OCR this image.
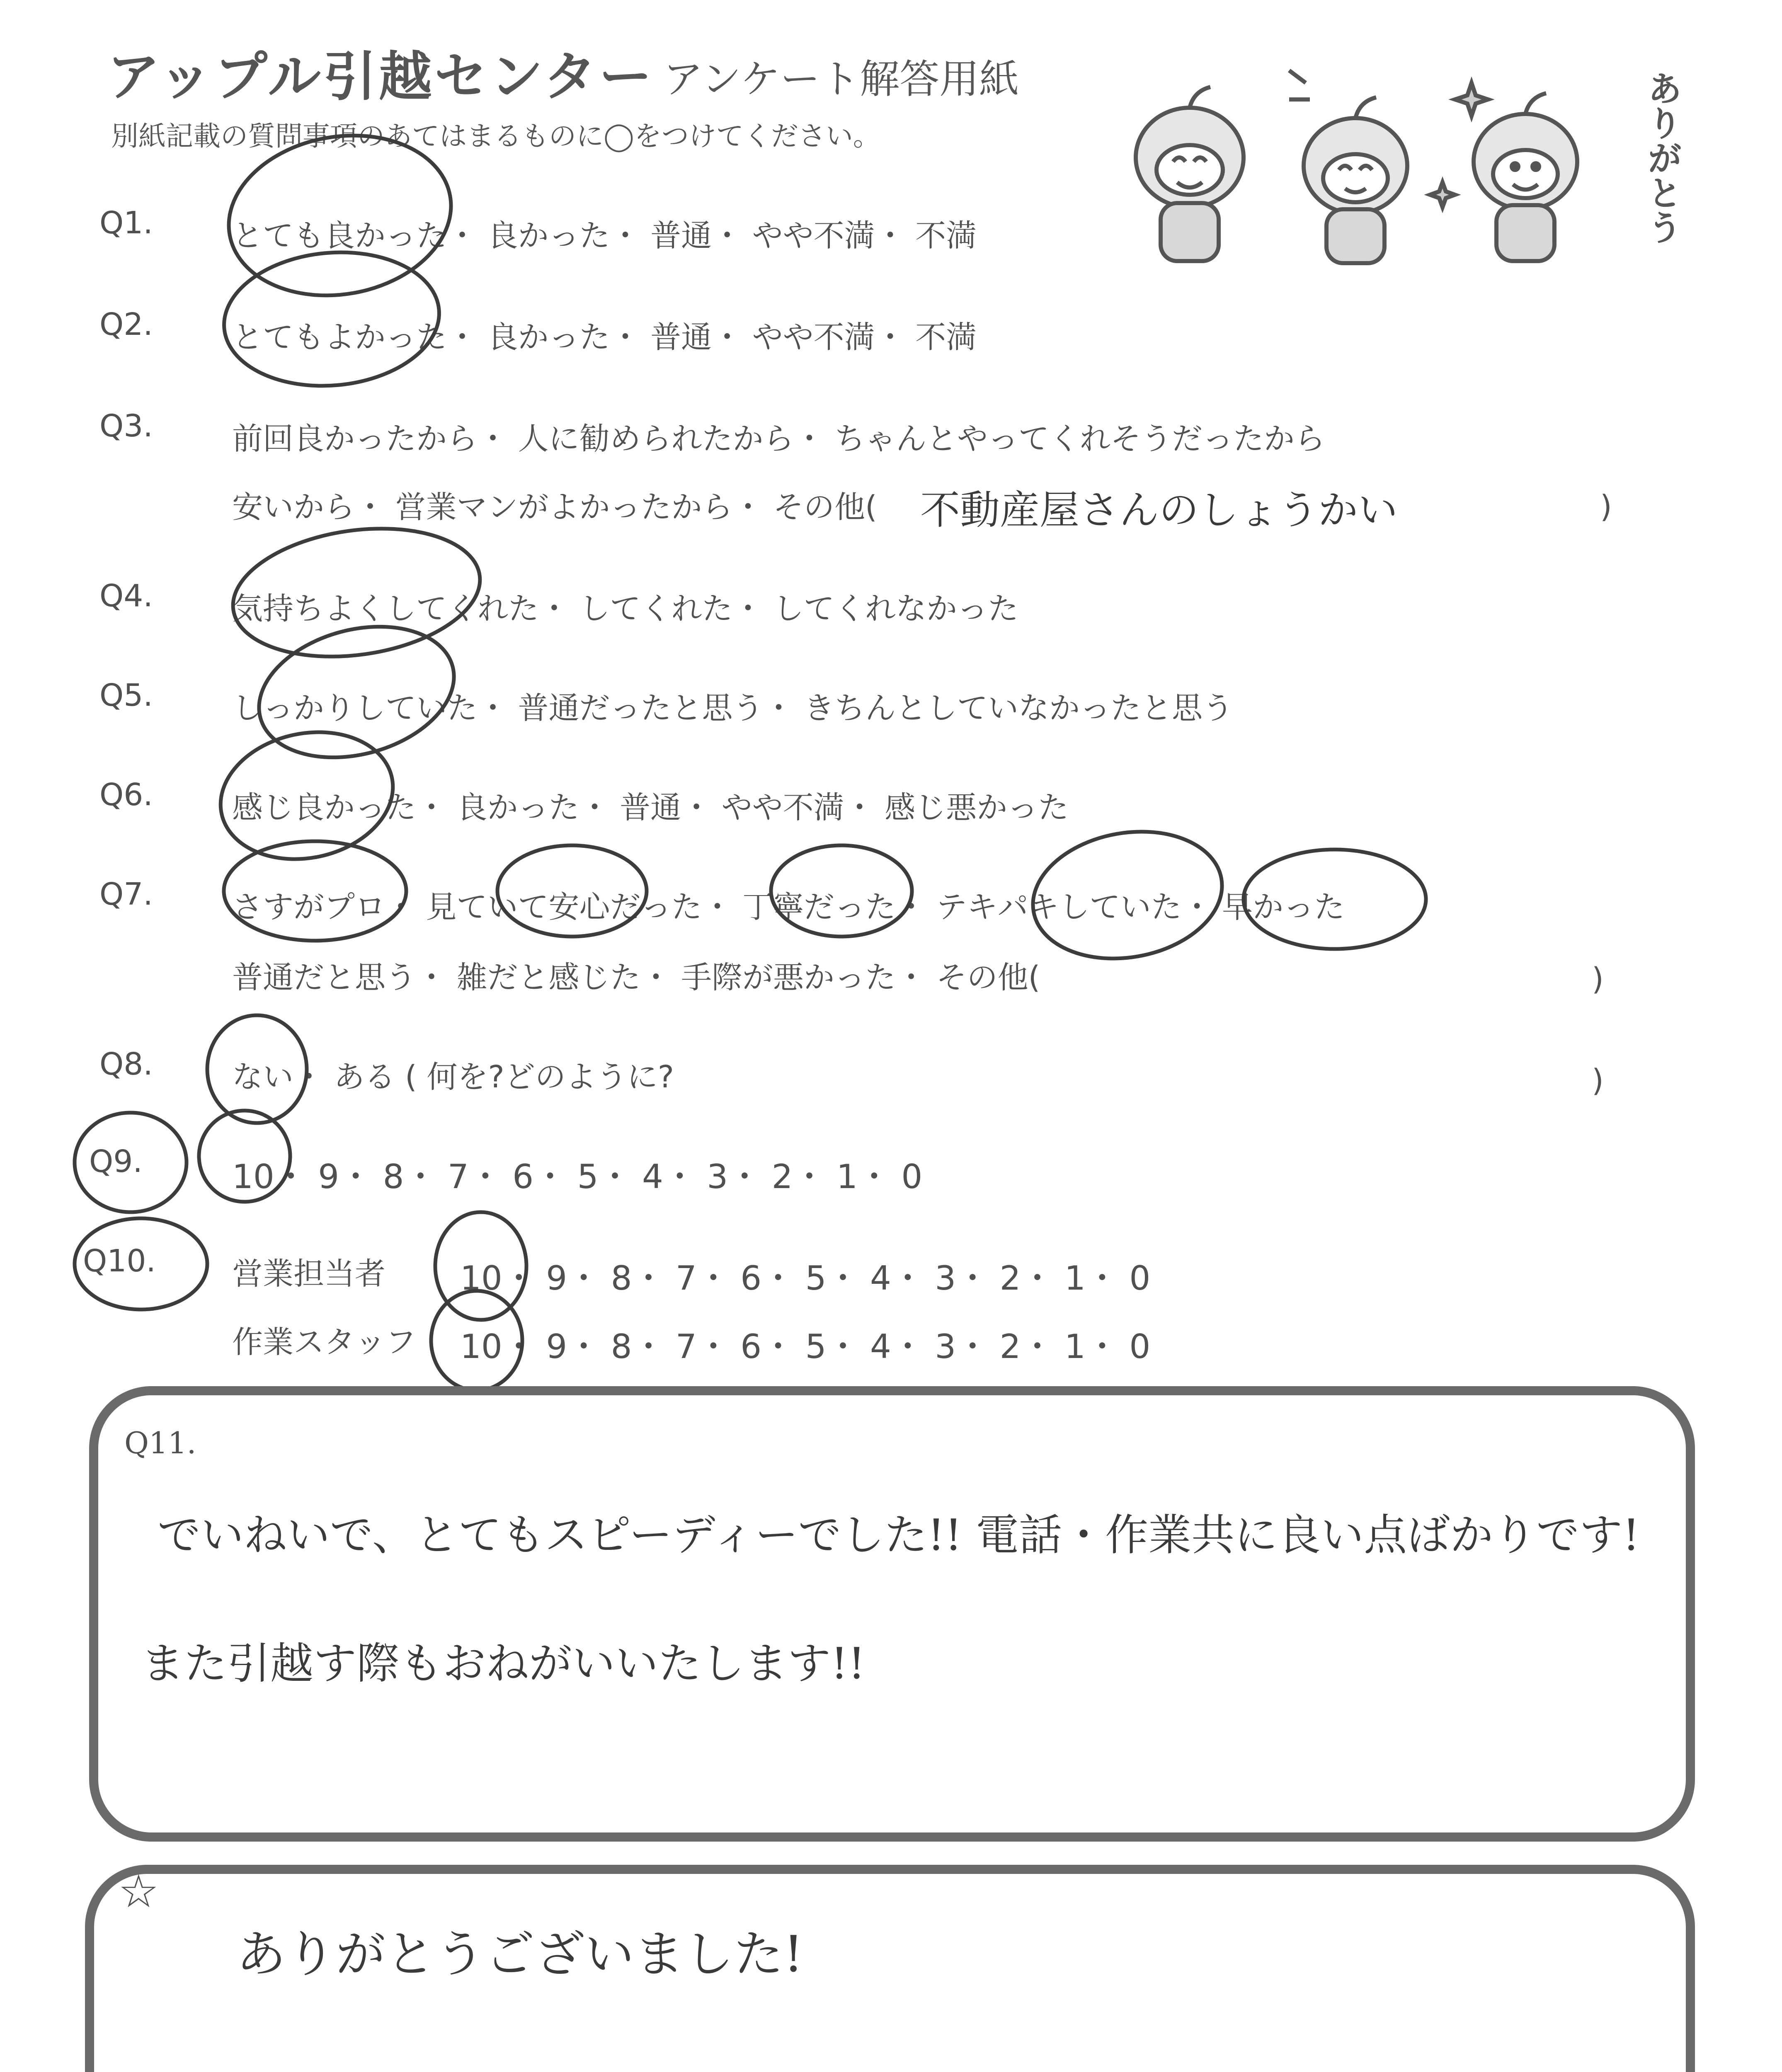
アップル引越センター アンケート解答用紙
別紙記載の質問事項のあてはまるものに◯をつけてください。	ありがとう
Q1.	とても良かった・ 良かった・ 普通・ やや不満・ 不満
Q2.	とてもよかった・ 良かった・ 普通・ やや不満・ 不満
Q3.	前回良かったから・ 人に勧められたから・ ちゃんとやってくれそうだったから
安いから・ 営業マンがよかったから・ その他( 不動産屋さんのしょうかい	)
Q4.	気持ちよくしてくれた・ してくれた・ してくれなかった
Q5.	しっかりしていた・ 普通だったと思う・ きちんとしていなかったと思う
Q6.	感じ良かった・ 良かった・ 普通・ やや不満・ 感じ悪かった
Q7.	さすがプロ・ 見ていて安心だった・ 丁寧だった・ テキパキしていた・ 早かった
普通だと思う・ 雑だと感じた・ 手際が悪かった・ その他(	)
Q8.	ない・ ある ( 何を?どのように?	)
Q9.	10・ 9・ 8・ 7・ 6・ 5・ 4・ 3・ 2・ 1・ 0
Q10. 営業担当者 10・ 9・ 8・ 7・ 6・ 5・ 4・ 3・ 2・ 1・ 0
作業スタッフ 10・ 9・ 8・ 7・ 6・ 5・ 4・ 3・ 2・ 1・ 0
Q11.
でいねいで、とてもスピーディーでした!! 電話・作業共に良い点ばかりです!
また引越す際もおねがいいたします!!
☆
ありがとうございました!
